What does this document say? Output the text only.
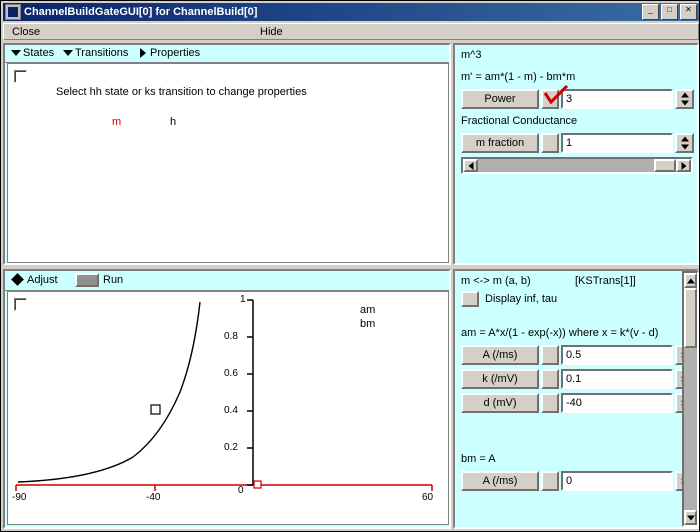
ChannelBuildGateGUI[0] for ChannelBuild[0]	_	□	✕
Close	Hide
States Transitions Properties
Select hh state or ks transition to change properties
m	h
m^3
m' = am*(1 - m) - bm*m
Power	3
Fractional Conductance
m fraction	1
Adjust	Run
-90	-40	60
0
0.2
0.4
0.6
0.8
1
am
bm
m <-> m (a, b)	[KSTrans[1]]
Display inf, tau
am = A*x/(1 - exp(-x)) where x = k*(v - d)
A (/ms)	0.5
k (/mV)	0.1
d (mV)	-40
bm = A
A (/ms)	0
